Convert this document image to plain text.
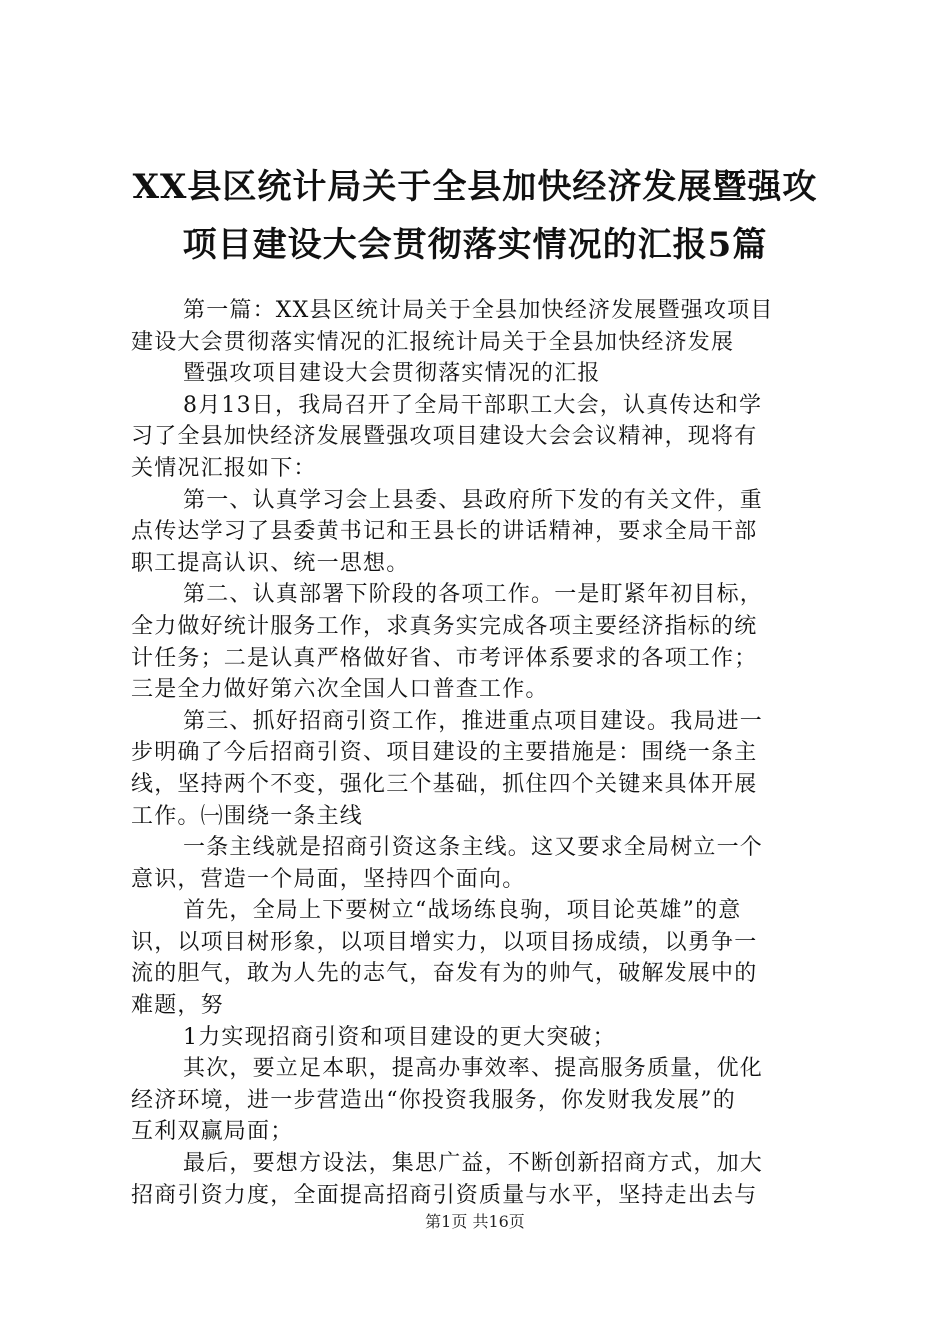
XX县区统计局关于全县加快经济发展暨强攻
项目建设大会贯彻落实情况的汇报5篇
第一篇：XX县区统计局关于全县加快经济发展暨强攻项目
建设大会贯彻落实情况的汇报统计局关于全县加快经济发展
暨强攻项目建设大会贯彻落实情况的汇报
8月13日，我局召开了全局干部职工大会，认真传达和学
习了全县加快经济发展暨强攻项目建设大会会议精神，现将有
关情况汇报如下：
第一、认真学习会上县委、县政府所下发的有关文件，重
点传达学习了县委黄书记和王县长的讲话精神，要求全局干部
职工提高认识、统一思想。
第二、认真部署下阶段的各项工作。一是盯紧年初目标，
全力做好统计服务工作，求真务实完成各项主要经济指标的统
计任务；二是认真严格做好省、市考评体系要求的各项工作；
三是全力做好第六次全国人口普查工作。
第三、抓好招商引资工作，推进重点项目建设。我局进一
步明确了今后招商引资、项目建设的主要措施是：围绕一条主
线，坚持两个不变，强化三个基础，抓住四个关键来具体开展
工作。㈠围绕一条主线
一条主线就是招商引资这条主线。这又要求全局树立一个
意识，营造一个局面，坚持四个面向。
首先，全局上下要树立“战场练良驹，项目论英雄”的意
识，以项目树形象，以项目增实力，以项目扬成绩，以勇争一
流的胆气，敢为人先的志气，奋发有为的帅气，破解发展中的
难题，努
1力实现招商引资和项目建设的更大突破；
其次，要立足本职，提高办事效率、提高服务质量，优化
经济环境，进一步营造出“你投资我服务，你发财我发展”的
互利双赢局面；
最后，要想方设法，集思广益，不断创新招商方式，加大
招商引资力度，全面提高招商引资质量与水平，坚持走出去与
第1页 共16页
